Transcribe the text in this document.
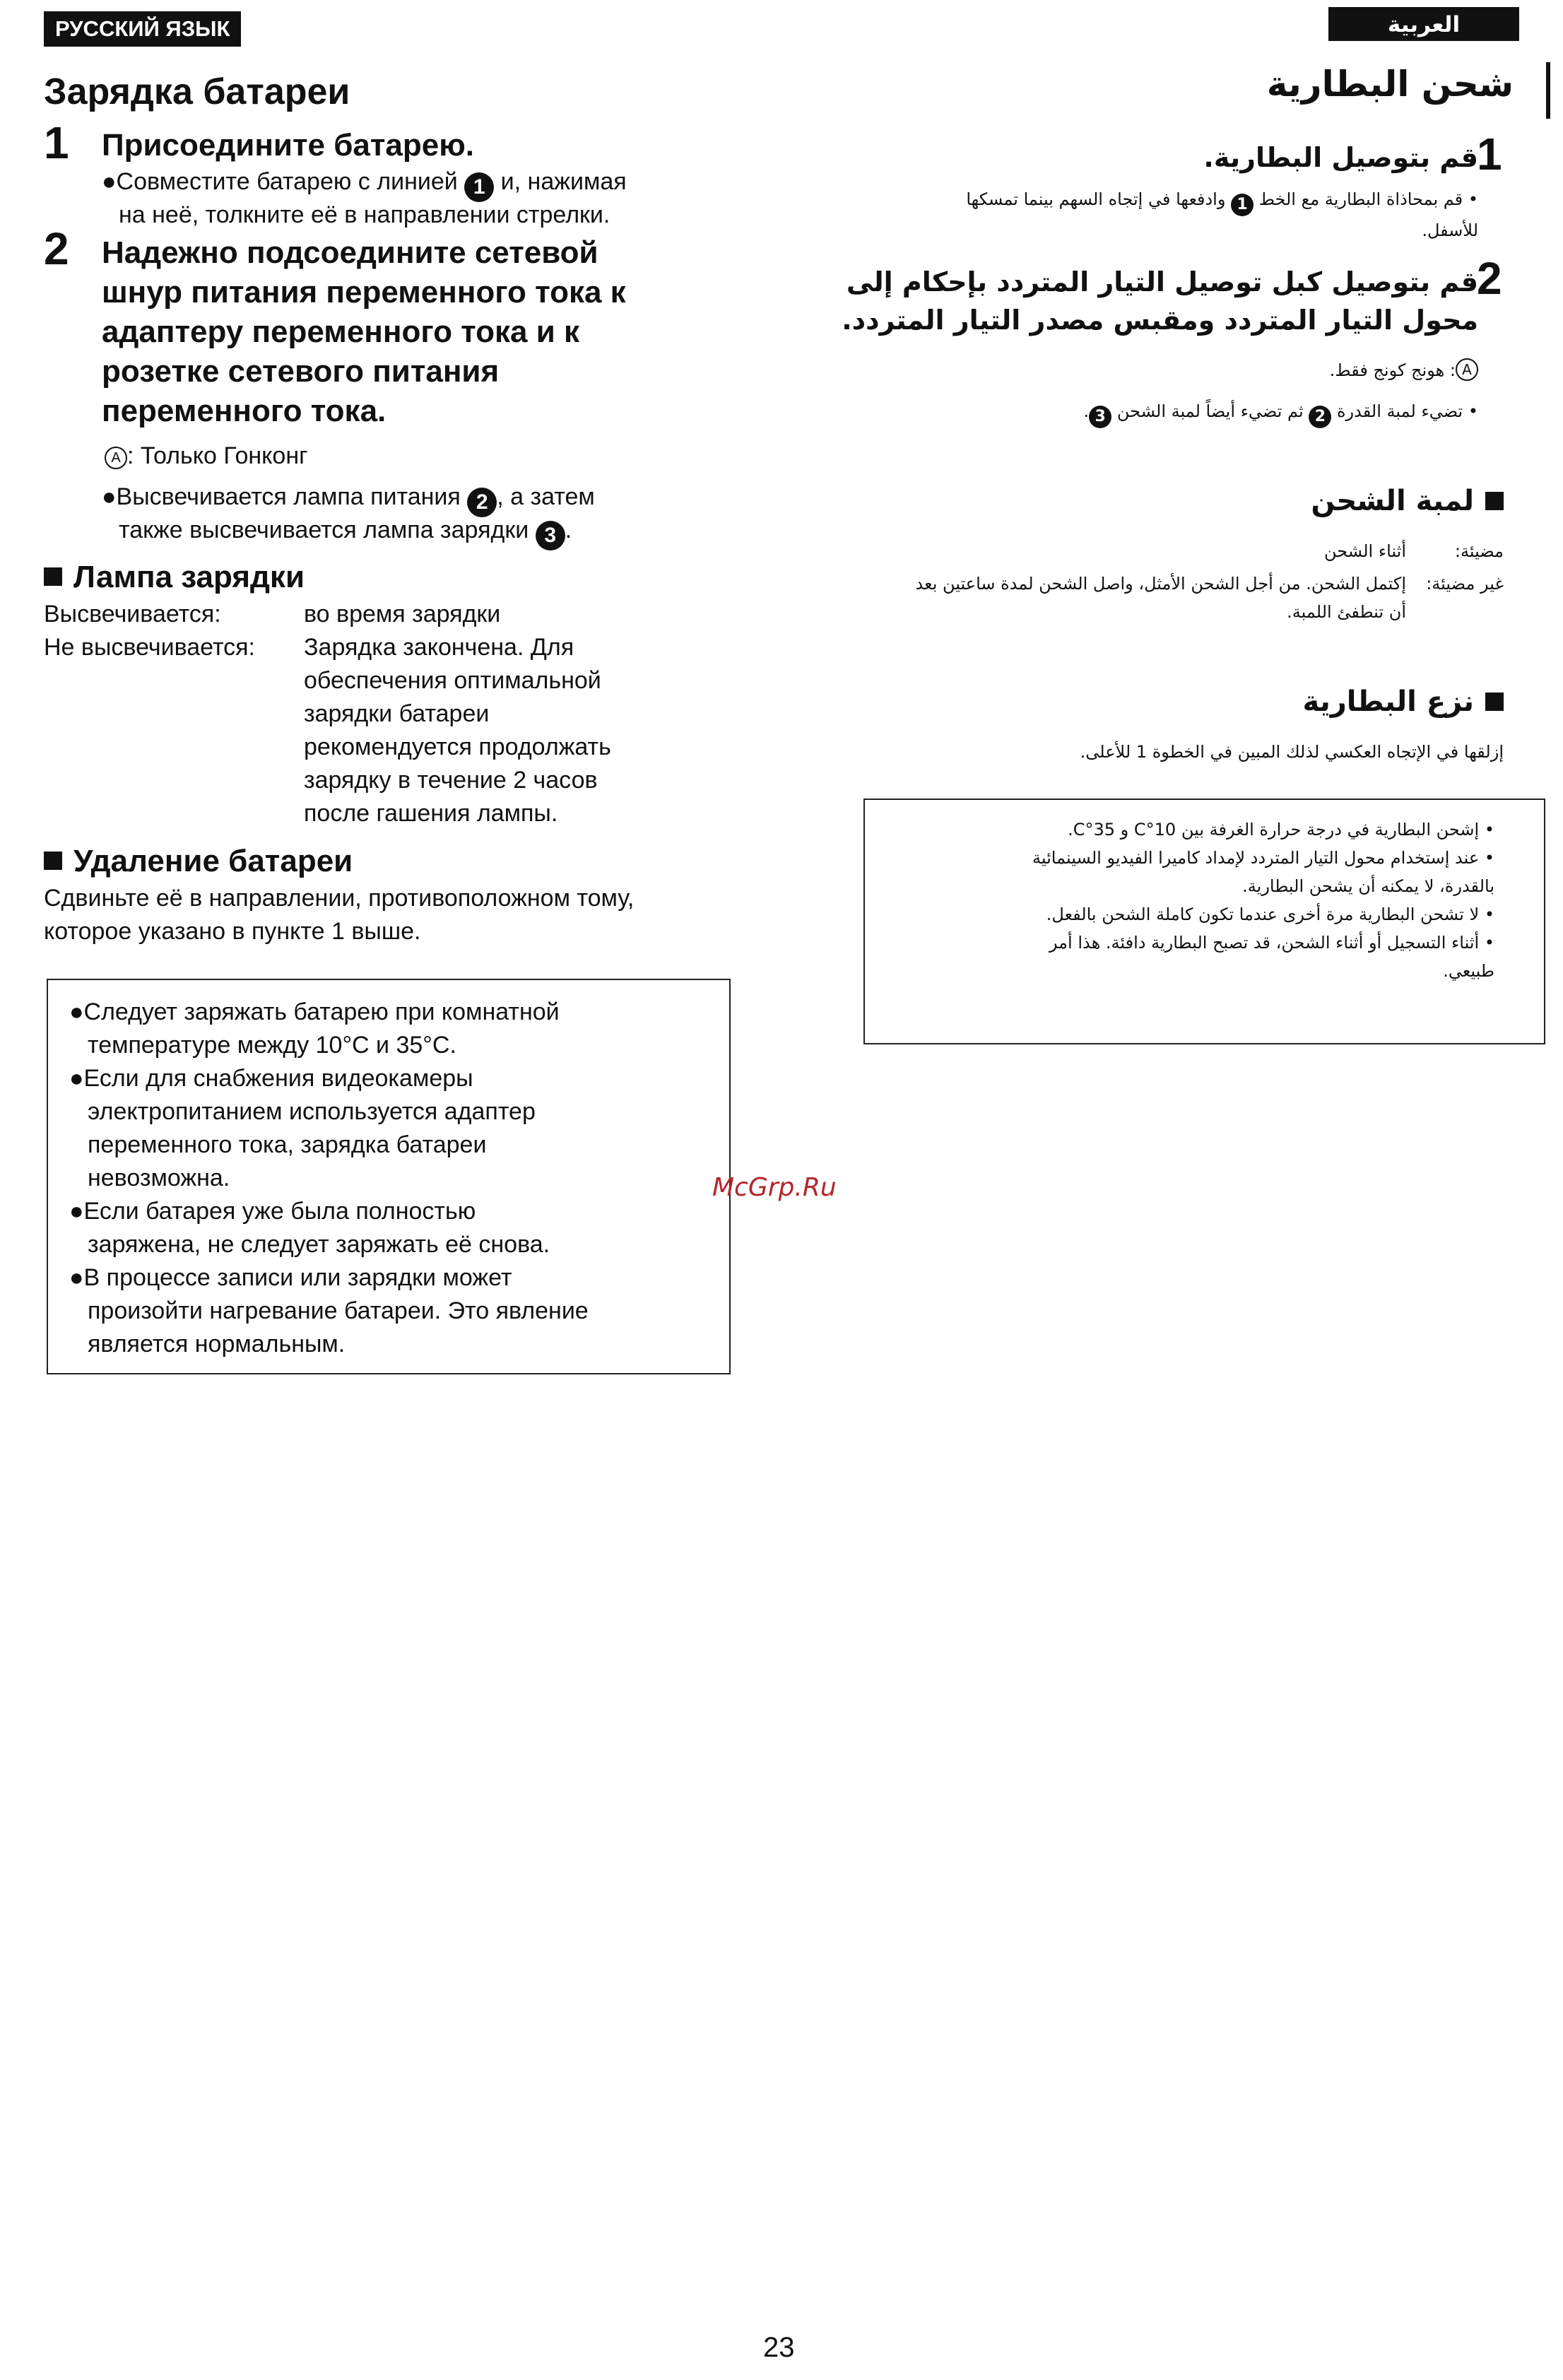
РУССКИЙ ЯЗЫК	العربية
Зарядка батареи
1 Присоедините батарею.
●Совместите батарею с линией 1 и, нажимая
на неё, толкните её в направлении стрелки.
2 Надежно подсоедините сетевой
шнур питания переменного тока к
адаптеру переменного тока и к
розетке сетевого питания
переменного тока.
A : Только Гонконг
●Высвечивается лампа питания 2 , а затем
также высвечивается лампа зарядки 3 .
Лампа зарядки
Высвечивается:	во время зарядки
Не высвечивается: Зарядка закончена. Для
обеспечения оптимальной
зарядки батареи
рекомендуется продолжать
зарядку в течение 2 часов
после гашения лампы.
Удаление батареи
Сдвиньте её в направлении, противоположном тому,
которое указано в пункте 1 выше.
●Следует заряжать батарею при комнатной
температуре между 10°C и 35°C.
●Если для снабжения видеокамеры
электропитанием используется адаптер
переменного тока, зарядка батареи
невозможна.
●Если батарея уже была полностью
заряжена, не следует заряжать её снова.
●В процессе записи или зарядки может
произойти нагревание батареи. Это явление
является нормальным.
شحن البطارية
1
قم بتوصيل البطارية.
• قم بمحاذاة البطارية مع الخط 1 وادفعها في إتجاه السهم بينما تمسكها
للأسفل.
2
قم بتوصيل كبل توصيل التيار المتردد بإحكام إلى
محول التيار المتردد ومقبس مصدر التيار المتردد.
A: هونج كونج فقط.
• تضيء لمبة القدرة 2 ثم تضيء أيضاً لمبة الشحن 3.
لمبة الشحن
مضيئة:
أثناء الشحن
غير مضيئة:
إكتمل الشحن. من أجل الشحن الأمثل، واصل الشحن لمدة ساعتين بعد
أن تنطفئ اللمبة.
نزع البطارية
إزلقها في الإتجاه العكسي لذلك المبين في الخطوة 1 للأعلى.
• إشحن البطارية في درجة حرارة الغرفة بين 10°C و 35°C.
• عند إستخدام محول التيار المتردد لإمداد كاميرا الفيديو السينمائية
بالقدرة، لا يمكنه أن يشحن البطارية.
• لا تشحن البطارية مرة أخرى عندما تكون كاملة الشحن بالفعل.
• أثناء التسجيل أو أثناء الشحن، قد تصبح البطارية دافئة. هذا أمر
طبيعي.
McGrp.Ru
23
